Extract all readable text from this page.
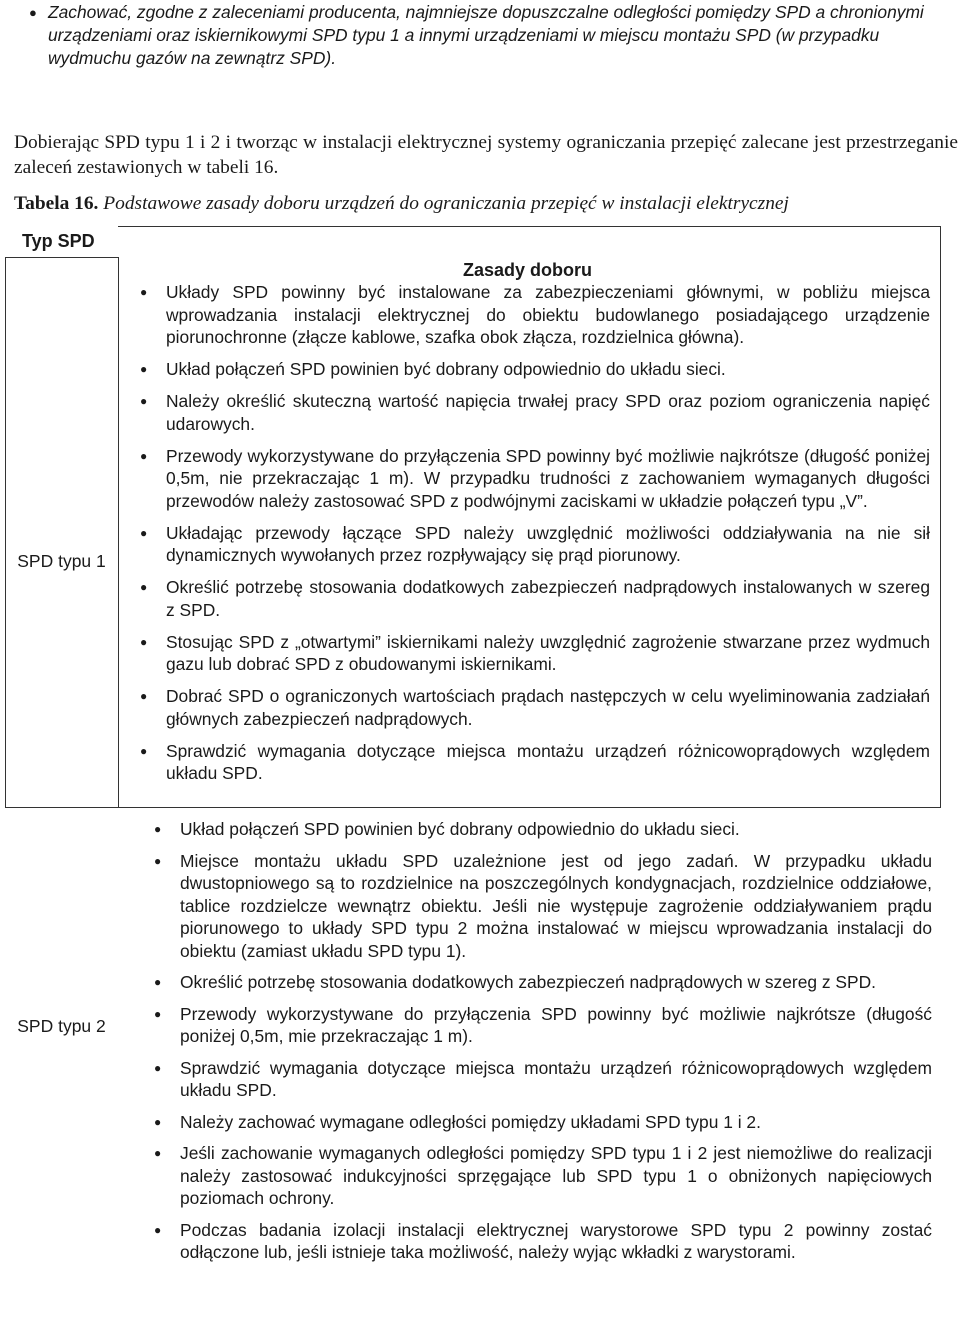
● Zachować, zgodne z zaleceniami producenta, najmniejsze dopuszczalne odległości pomiędzy SPD a chronionymi urządzeniami oraz iskiernikowymi SPD typu 1 a innymi urządzeniami w miejscu montażu SPD (w przypadku wydmuchu gazów na zewnątrz SPD).
Dobierając SPD typu 1 i 2 i tworząc w instalacji elektrycznej systemy ograniczania przepięć zalecane jest przestrzeganie zaleceń zestawionych w tabeli 16.
Tabela 16. Podstawowe zasady doboru urządzeń do ograniczania przepięć w instalacji elektrycznej
Typ SPD
Zasady doboru
SPD typu 1
● Układy SPD powinny być instalowane za zabezpieczeniami głównymi, w pobliżu miejsca wprowadzania instalacji elektrycznej do obiektu budowlanego posiadającego urządzenie piorunochronne (złącze kablowe, szafka obok złącza, rozdzielnica główna).
● Układ połączeń SPD powinien być dobrany odpowiednio do układu sieci.
● Należy określić skuteczną wartość napięcia trwałej pracy SPD oraz poziom ograniczenia napięć udarowych.
● Przewody wykorzystywane do przyłączenia SPD powinny być możliwie najkrótsze (długość poniżej 0,5m, nie przekraczając 1 m). W przypadku trudności z zachowaniem wymaganych długości przewodów należy zastosować SPD z podwójnymi zaciskami w układzie połączeń typu „V”.
● Układając przewody łączące SPD należy uwzględnić możliwości oddziaływania na nie sił dynamicznych wywołanych przez rozpływający się prąd piorunowy.
● Określić potrzebę stosowania dodatkowych zabezpieczeń nadprądowych instalowanych w szereg z SPD.
● Stosując SPD z „otwartymi” iskiernikami należy uwzględnić zagrożenie stwarzane przez wydmuch gazu lub dobrać SPD z obudowanymi iskiernikami.
● Dobrać SPD o ograniczonych wartościach prądach następczych w celu wyeliminowania zadziałań głównych zabezpieczeń nadprądowych.
● Sprawdzić wymagania dotyczące miejsca montażu urządzeń różnicowoprądowych względem układu SPD.
SPD typu 2
● Układ połączeń SPD powinien być dobrany odpowiednio do układu sieci.
● Miejsce montażu układu SPD uzależnione jest od jego zadań. W przypadku układu dwustopniowego są to rozdzielnice na poszczególnych kondygnacjach, rozdzielnice oddziałowe, tablice rozdzielcze wewnątrz obiektu. Jeśli nie występuje zagrożenie oddziaływaniem prądu piorunowego to układy SPD typu 2 można instalować w miejscu wprowadzania instalacji do obiektu (zamiast układu SPD typu 1).
● Określić potrzebę stosowania dodatkowych zabezpieczeń nadprądowych w szereg z SPD.
● Przewody wykorzystywane do przyłączenia SPD powinny być możliwie najkrótsze (długość poniżej 0,5m, mie przekraczając 1 m).
● Sprawdzić wymagania dotyczące miejsca montażu urządzeń różnicowoprądowych względem układu SPD.
● Należy zachować wymagane odległości pomiędzy układami SPD typu 1 i 2.
● Jeśli zachowanie wymaganych odległości pomiędzy SPD typu 1 i 2 jest niemożliwe do realizacji należy zastosować indukcyjności sprzęgające lub SPD typu 1 o obniżonych napięciowych poziomach ochrony.
● Podczas badania izolacji instalacji elektrycznej warystorowe SPD typu 2 powinny zostać odłączone lub, jeśli istnieje taka możliwość, należy wyjąc wkładki z warystorami.
